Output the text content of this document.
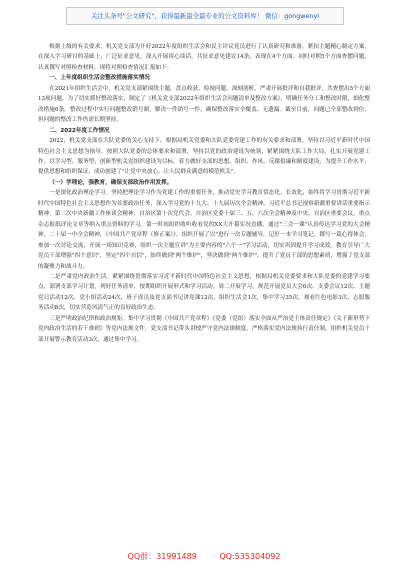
关注头条号"公文研究"，获得最新最全最专业的公文资料库！ 微信：gongwenyi

根据上级的有关要求，机关党支部为开好2022年度组织生活会和民主评议党员进行了认真研究和准备，紧扣主题精心制定方案，在深入学习研讨的基础上，广泛征求意见，深入开展谈心谈话，共征求意见建议14条，表现在4个方面。同时对照5个方面查摆问题，认真撰写对照检查材料，现将对照检查情况汇报如下：

一、上年度组织生活会整改措施落实情况

在2021年组织生活会中，机关党支部紧围绕主题，盘点收获、检视问题，深刻剖析，严肃开展批评和自我批评，共查摆出5个方面13项问题，为了切实抓好整改落实，制定了《机关党支部2022年组织生活会问题清单及整改方案》，明确任务分工和整改时限，细化整改措施6条。整改过程中实行问题整改销号制，解决一件销号一件，确保整改落实全覆盖、无遗漏。截至目前，问题已全部整改到位，但问题的整改工作仍需长期坚持。

二、2022年度工作情况

2022，机关党支部在大队党委的关心支持下，根据局机关党委和大队党委党建工作的有关要求和部署，坚持以习近平新时代中国特色社会主义思想为指导，按照大队党委的总体要求和部署，坚持以党的政治建设为统领，紧紧围绕大队工作大局，扎实开展党建工作，以学习型、服务型、创新型机关党组织建设为目标，着力做好支部的思想、组织、作风、反腐倡廉和制度建设，为提升工作水平，提供思想和组织保证，成功创建了"让党中央放心、让人民群众满意的模范机关"。

（一）学理论，强教育，确保支部政治作用发挥。

一是深化政治理论学习。坚持把理论学习作为党建工作的重要任务，推动党史学习教育常态化、长效化，始终将学习贯彻习近平新时代中国特色社会主义思想作为首要政治任务，深入学习党的十九大、十九届历次全会精神、习近平总书记视察新疆重要讲话重要指示精神，第三次中央新疆工作座谈会精神，自治区第十次党代会、自治区党委十届三、五、六次全会精神及中央、自治区重要会议，重点杂志报纸评论文章等纳入重点资料的学习。第一时间组织收听收看党的XX大开幕实况直播，通过"三会一课"认真传达学习党的大会精神，二十届一中全会精神，《中国共产党章程（修正案）》。组织开展了以"进行一次专题辅导，记好一本学习笔记，撰写一篇心得体会，参加一次讨论交流，开展一场知识竞赛，组织一次主题宣讲"为主要内容的"六个一"学习活动，切实巩固提升学习成效。教育引导广大党员干部增强"四个意识"，坚定"四个自信"，始终做到"两个维护"，坚决做到"两个维护"，提升了党员干部的思想素质，增强了党支部的凝聚力和战斗力。

二是严肃党内政治生活。紧紧围绕贯彻落实习近平新时代中国特色社会主义思想，根据局机关党委要求和大队党委的党建学习要点，部署支部学习计划，列好任务清单，按期组织开展形式和学习活动。周二开展学习，规范开展党员大会6次、支委会议12次、主题党日活动12次、党小组活动24次，班子成员及党支部书记讲党课12次、组织生活会1次、集中学习35次、观看红色电影3次、志愿服务活动8次，切实营造风清气正的良好政治生态。

三是严明政治纪律和政治规矩。集中学习贯彻《中国共产党章程》《党委（党组）落实全面从严治党主体责任规定》《关于新形势下党内政治生活的若干准则》等党内法规文件，党支部书记带头讲授严守党内法规制度，严格落实党内法规执行责任制，组织机关党员干部开展警示教育活动3次，通过集中学习、

QQ群：31991489	QQ:535304092
